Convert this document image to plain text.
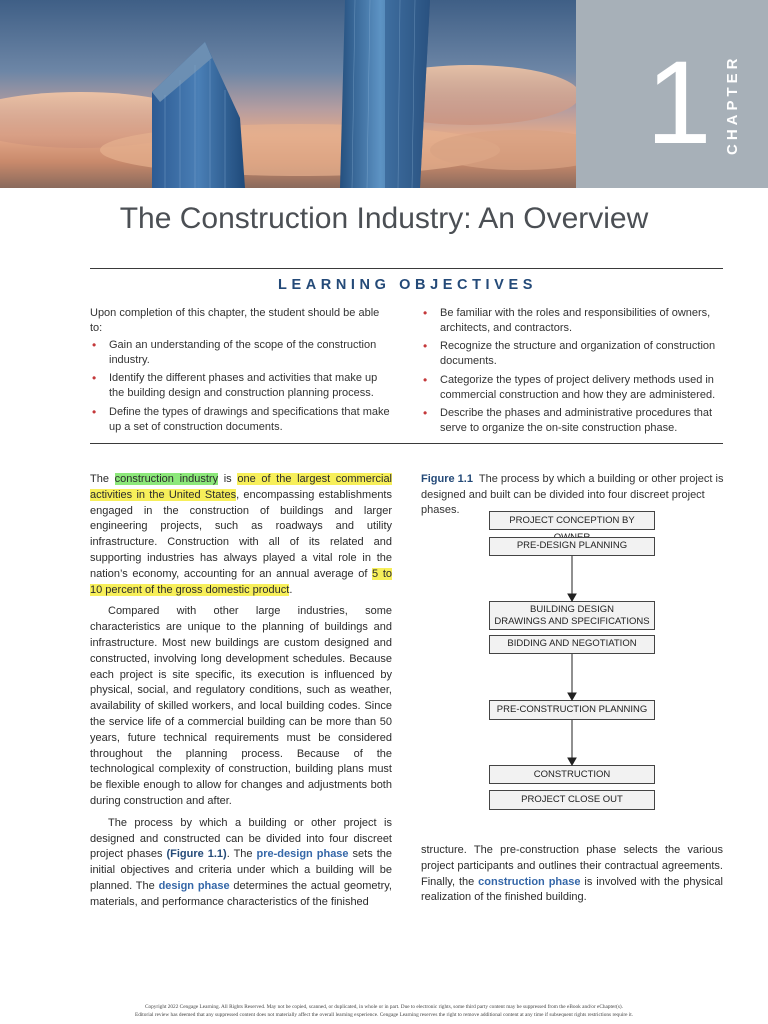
1 CHAPTER
The Construction Industry: An Overview
LEARNING OBJECTIVES
Upon completion of this chapter, the student should be able to:
• Gain an understanding of the scope of the construction industry.
• Identify the different phases and activities that make up the building design and construction planning process.
• Define the types of drawings and specifications that make up a set of construction documents.
• Be familiar with the roles and responsibilities of owners, architects, and contractors.
• Recognize the structure and organization of construction documents.
• Categorize the types of project delivery methods used in commercial construction and how they are administered.
• Describe the phases and administrative procedures that serve to organize the on-site construction phase.

The construction industry is one of the largest commercial activities in the United States, encompassing establishments engaged in the construction of buildings and larger engineering projects, such as roadways and utility infrastructure. Construction with all of its related and supporting industries has always played a vital role in the nation’s economy, accounting for an annual average of 5 to 10 percent of the gross domestic product.

Compared with other large industries, some characteristics are unique to the planning of buildings and infrastructure. Most new buildings are custom designed and constructed, involving long development schedules. Because each project is site specific, its execution is influenced by physical, social, and regulatory conditions, such as weather, availability of skilled workers, and local building codes. Since the service life of a commercial building can be more than 50 years, future technical requirements must be considered throughout the planning process. Because of the technological complexity of construction, building plans must be flexible enough to allow for changes and adjustments both during construction and after.

The process by which a building or other project is designed and constructed can be divided into four discreet project phases (Figure 1.1). The pre-design phase sets the initial objectives and criteria under which a building will be planned. The design phase determines the actual geometry, materials, and performance characteristics of the finished

Figure 1.1 The process by which a building or other project is designed and built can be divided into four discreet project phases.
PROJECT CONCEPTION BY
PRE-DESIGN PLANNING
BUILDING DESIGN
DRAWINGS AND SPECIFICATIONS
BIDDING AND NEGOTIATION
PRE-CONSTRUCTION PLANNING
CONSTRUCTION
PROJECT CLOSE OUT
structure. The pre-construction phase selects the various project participants and outlines their contractual agreements. Finally, the construction phase is involved with the physical realization of the finished building.
Copyright 2022 Cengage Learning. All Rights Reserved. May not be copied, scanned, or duplicated, in whole or in part. Due to electronic rights, some third party content may be suppressed from the eBook and/or eChapter(s).
Editorial review has deemed that any suppressed content does not materially affect the overall learning experience. Cengage Learning reserves the right to remove additional content at any time if subsequent rights restrictions require it.
